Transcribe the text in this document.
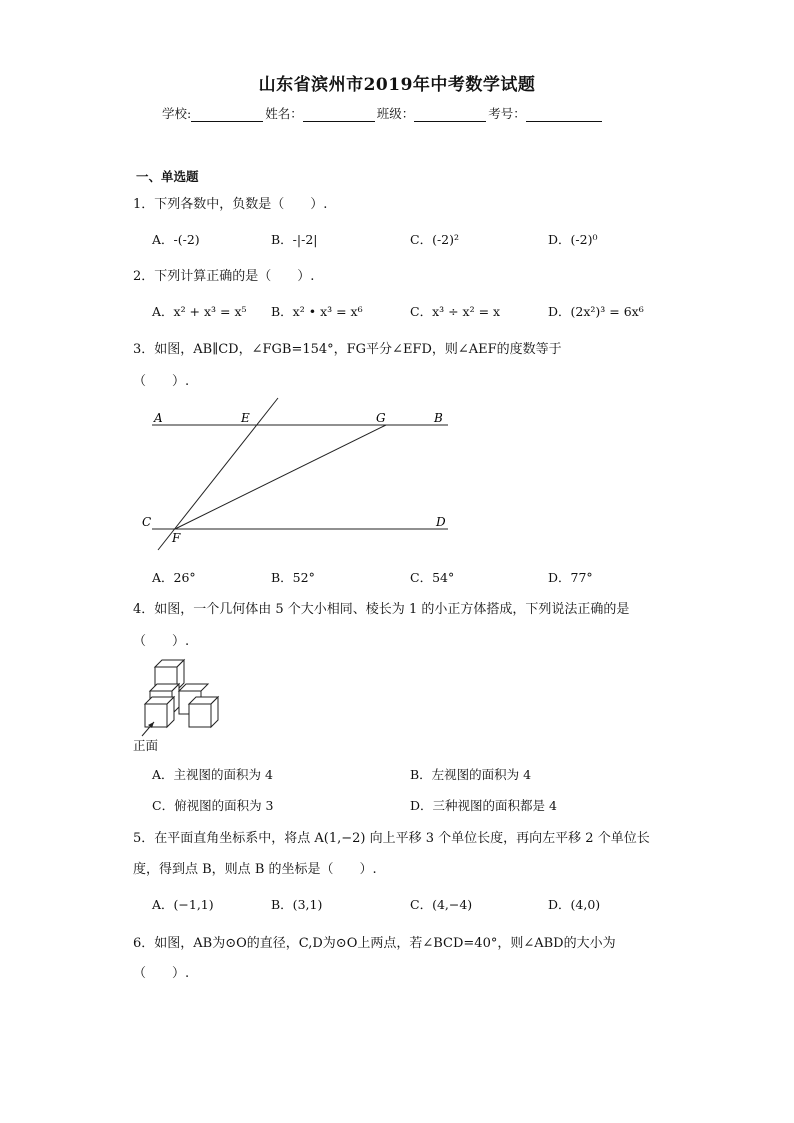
山东省滨州市2019年中考数学试题
学校:	姓名：	班级：	考号：
一、单选题
1．下列各数中，负数是（　　）.
A．-(-2)	B．-|-2|	C．(-2)²	D．(-2)⁰
2．下列计算正确的是（　　）.
A．x² + x³ = x⁵ B．x² • x³ = x⁶	C．x³ ÷ x² = x	D．(2x²)³ = 6x⁶
3．如图，AB∥CD，∠FGB=154°，FG平分∠EFD，则∠AEF的度数等于
（　　）.
A	E	G	B
C	D
F
A．26°	B．52°	C．54°	D．77°
4．如图，一个几何体由 5 个大小相同、棱长为 1 的小正方体搭成，下列说法正确的是
（　　）.
正面
A．主视图的面积为 4	B．左视图的面积为 4
C．俯视图的面积为 3	D．三种视图的面积都是 4
5．在平面直角坐标系中，将点 A(1,−2) 向上平移 3 个单位长度，再向左平移 2 个单位长
度，得到点 B，则点 B 的坐标是（　　）.
A．(−1,1)	B．(3,1)	C．(4,−4)	D．(4,0)
6．如图，AB为⊙O的直径，C,D为⊙O上两点，若∠BCD=40°，则∠ABD的大小为
（　　）.
